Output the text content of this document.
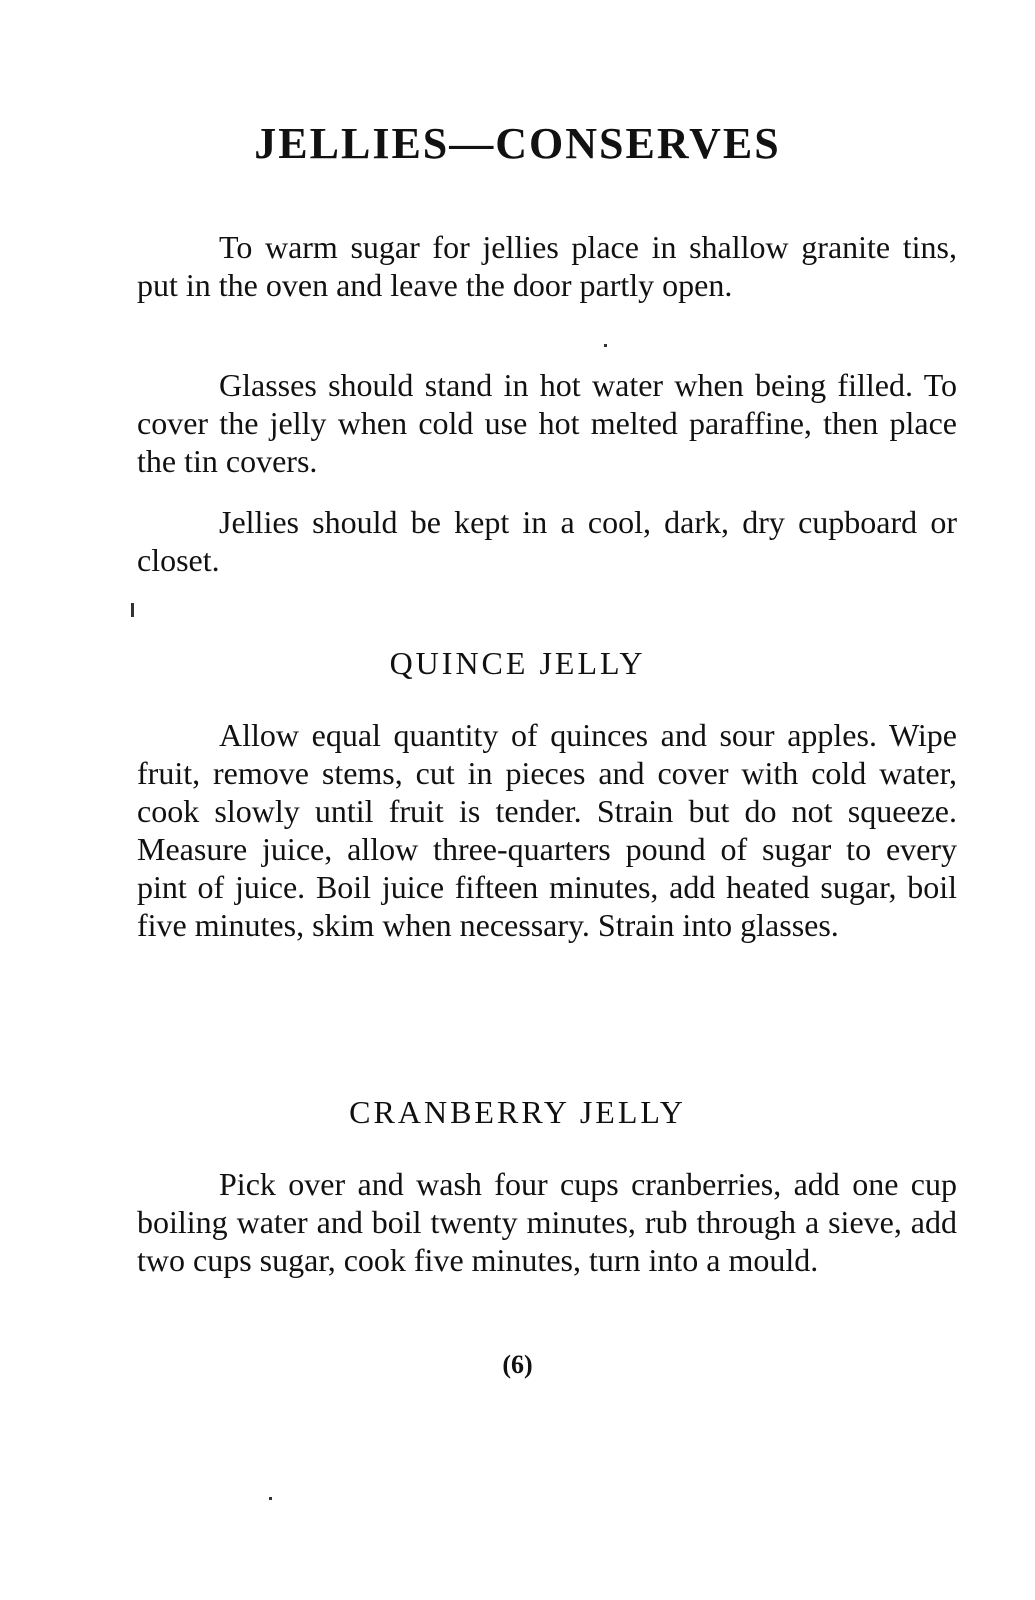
JELLIES—CONSERVES

To warm sugar for jellies place in shallow granite tins, put in the oven and leave the door partly open.

Glasses should stand in hot water when being filled. To cover the jelly when cold use hot melted paraffine, then place the tin covers.

Jellies should be kept in a cool, dark, dry cupboard or closet.

QUINCE JELLY

Allow equal quantity of quinces and sour apples. Wipe fruit, remove stems, cut in pieces and cover with cold water, cook slowly until fruit is tender. Strain but do not squeeze. Measure juice, allow three-quarters pound of sugar to every pint of juice. Boil juice fifteen minutes, add heated sugar, boil five minutes, skim when necessary. Strain into glasses.

CRANBERRY JELLY

Pick over and wash four cups cranberries, add one cup boiling water and boil twenty minutes, rub through a sieve, add two cups sugar, cook five minutes, turn into a mould.

(6)
